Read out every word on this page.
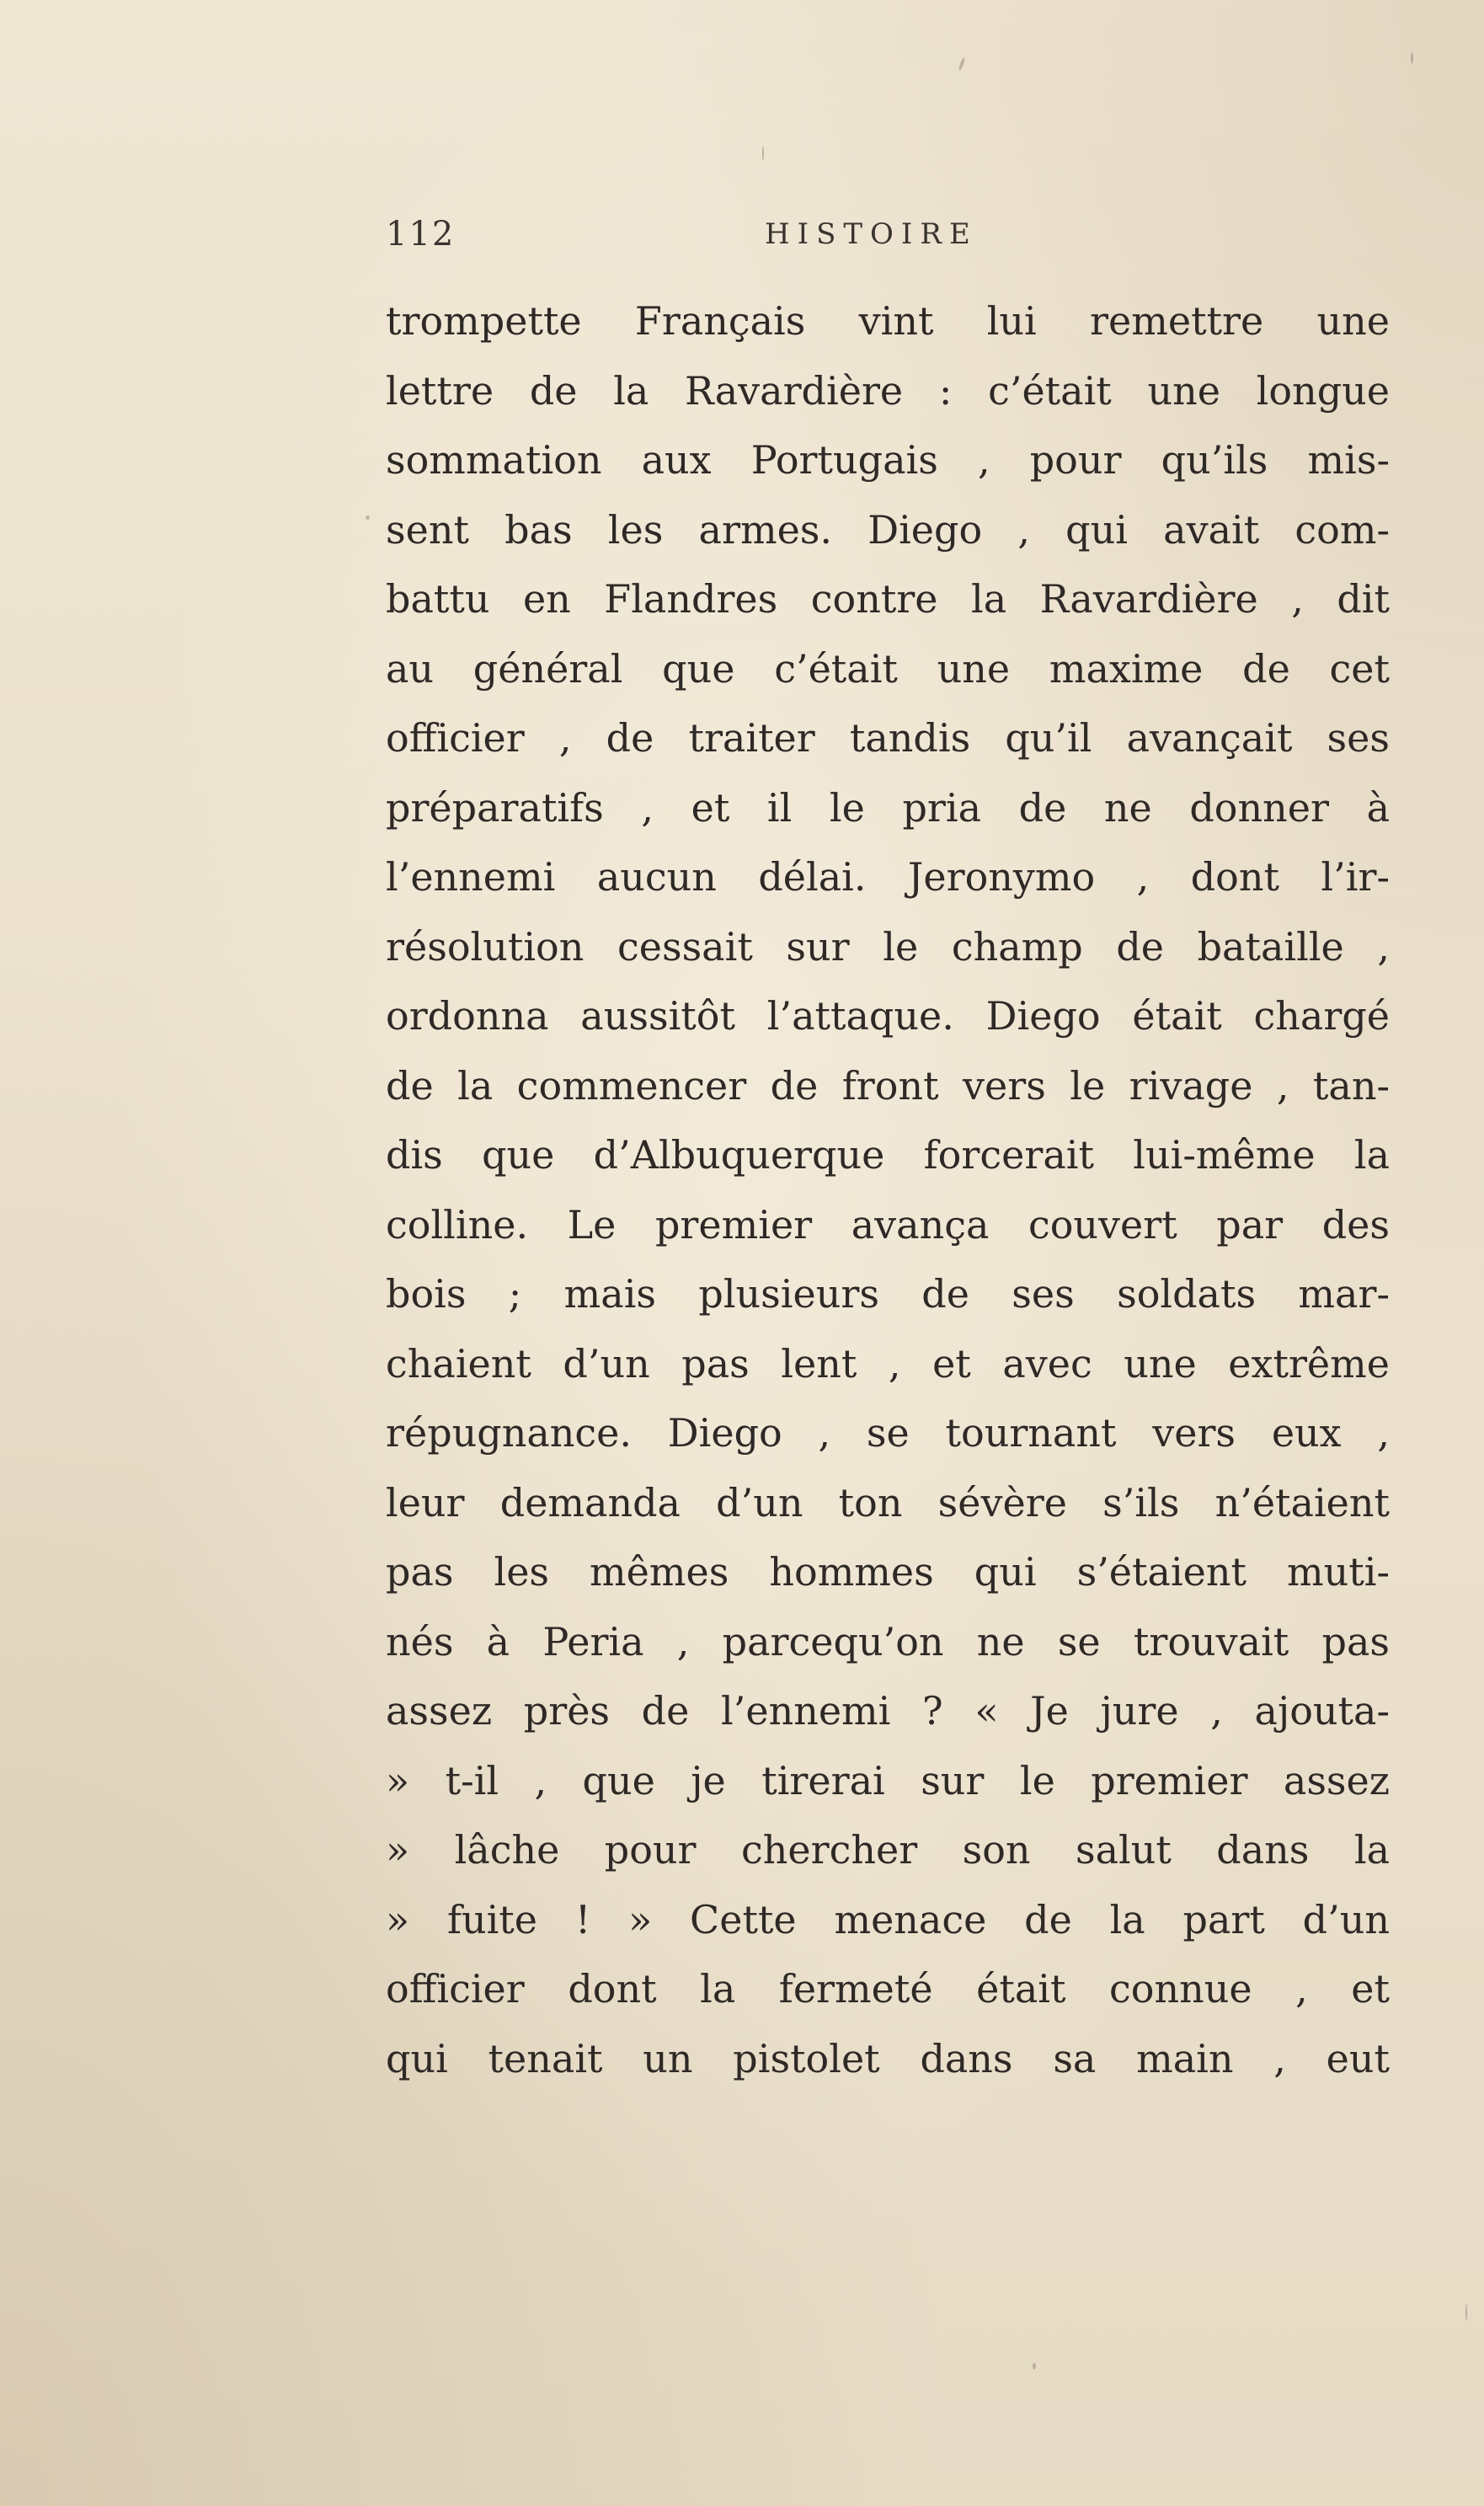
112	HISTOIRE
trompette Français vint lui remettre une
lettre de la Ravardière : c’était une longue
sommation aux Portugais , pour qu’ils mis-
sent bas les armes. Diego , qui avait com-
battu en Flandres contre la Ravardière , dit
au général que c’était une maxime de cet
officier , de traiter tandis qu’il avançait ses
préparatifs , et il le pria de ne donner à
l’ennemi aucun délai. Jeronymo , dont l’ir-
résolution cessait sur le champ de bataille ,
ordonna aussitôt l’attaque. Diego était chargé
de la commencer de front vers le rivage , tan-
dis que d’Albuquerque forcerait lui-même la
colline. Le premier avança couvert par des
bois ; mais plusieurs de ses soldats mar-
chaient d’un pas lent , et avec une extrême
répugnance. Diego , se tournant vers eux ,
leur demanda d’un ton sévère s’ils n’étaient
pas les mêmes hommes qui s’étaient muti-
nés à Peria , parcequ’on ne se trouvait pas
assez près de l’ennemi ? « Je jure , ajouta-
» t-il , que je tirerai sur le premier assez
» lâche pour chercher son salut dans la
» fuite ! » Cette menace de la part d’un
officier dont la fermeté était connue , et
qui tenait un pistolet dans sa main , eut
